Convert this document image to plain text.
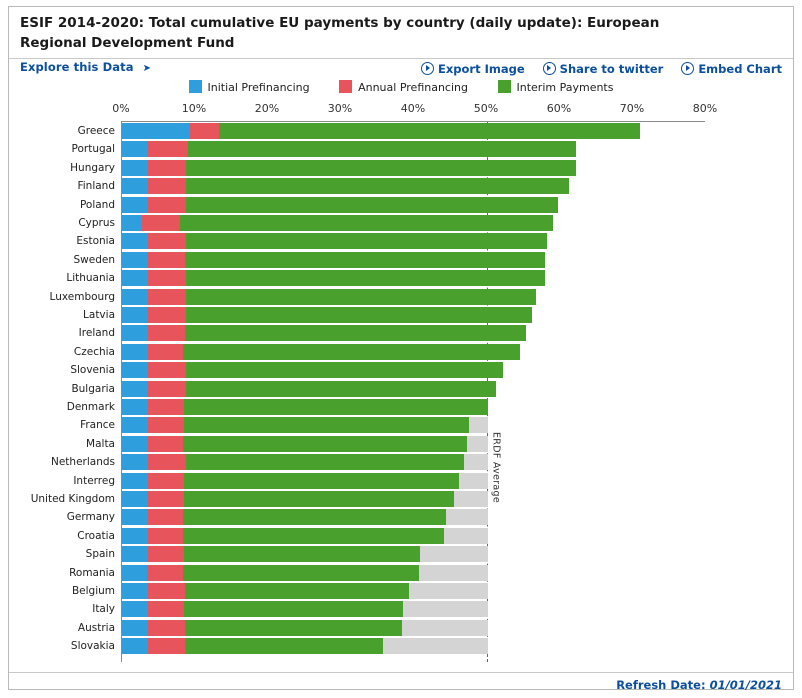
ESIF 2014-2020: Total cumulative EU payments by country (daily update): European Regional Development Fund
Explore this Data ➤	Export Image	Share to twitter	Embed Chart
Initial Prefinancing	Annual Prefinancing	Interim Payments
0%	10%	20%	30%	40%	50%	60%	70%	80%
ERDF Average
Greece
Portugal
Hungary
Finland
Poland
Cyprus
Estonia
Sweden
Lithuania
Luxembourg
Latvia
Ireland
Czechia
Slovenia
Bulgaria
Denmark
France
Malta
Netherlands
Interreg
United Kingdom
Germany
Croatia
Spain
Romania
Belgium
Italy
Austria
Slovakia
Refresh Date: 01/01/2021
